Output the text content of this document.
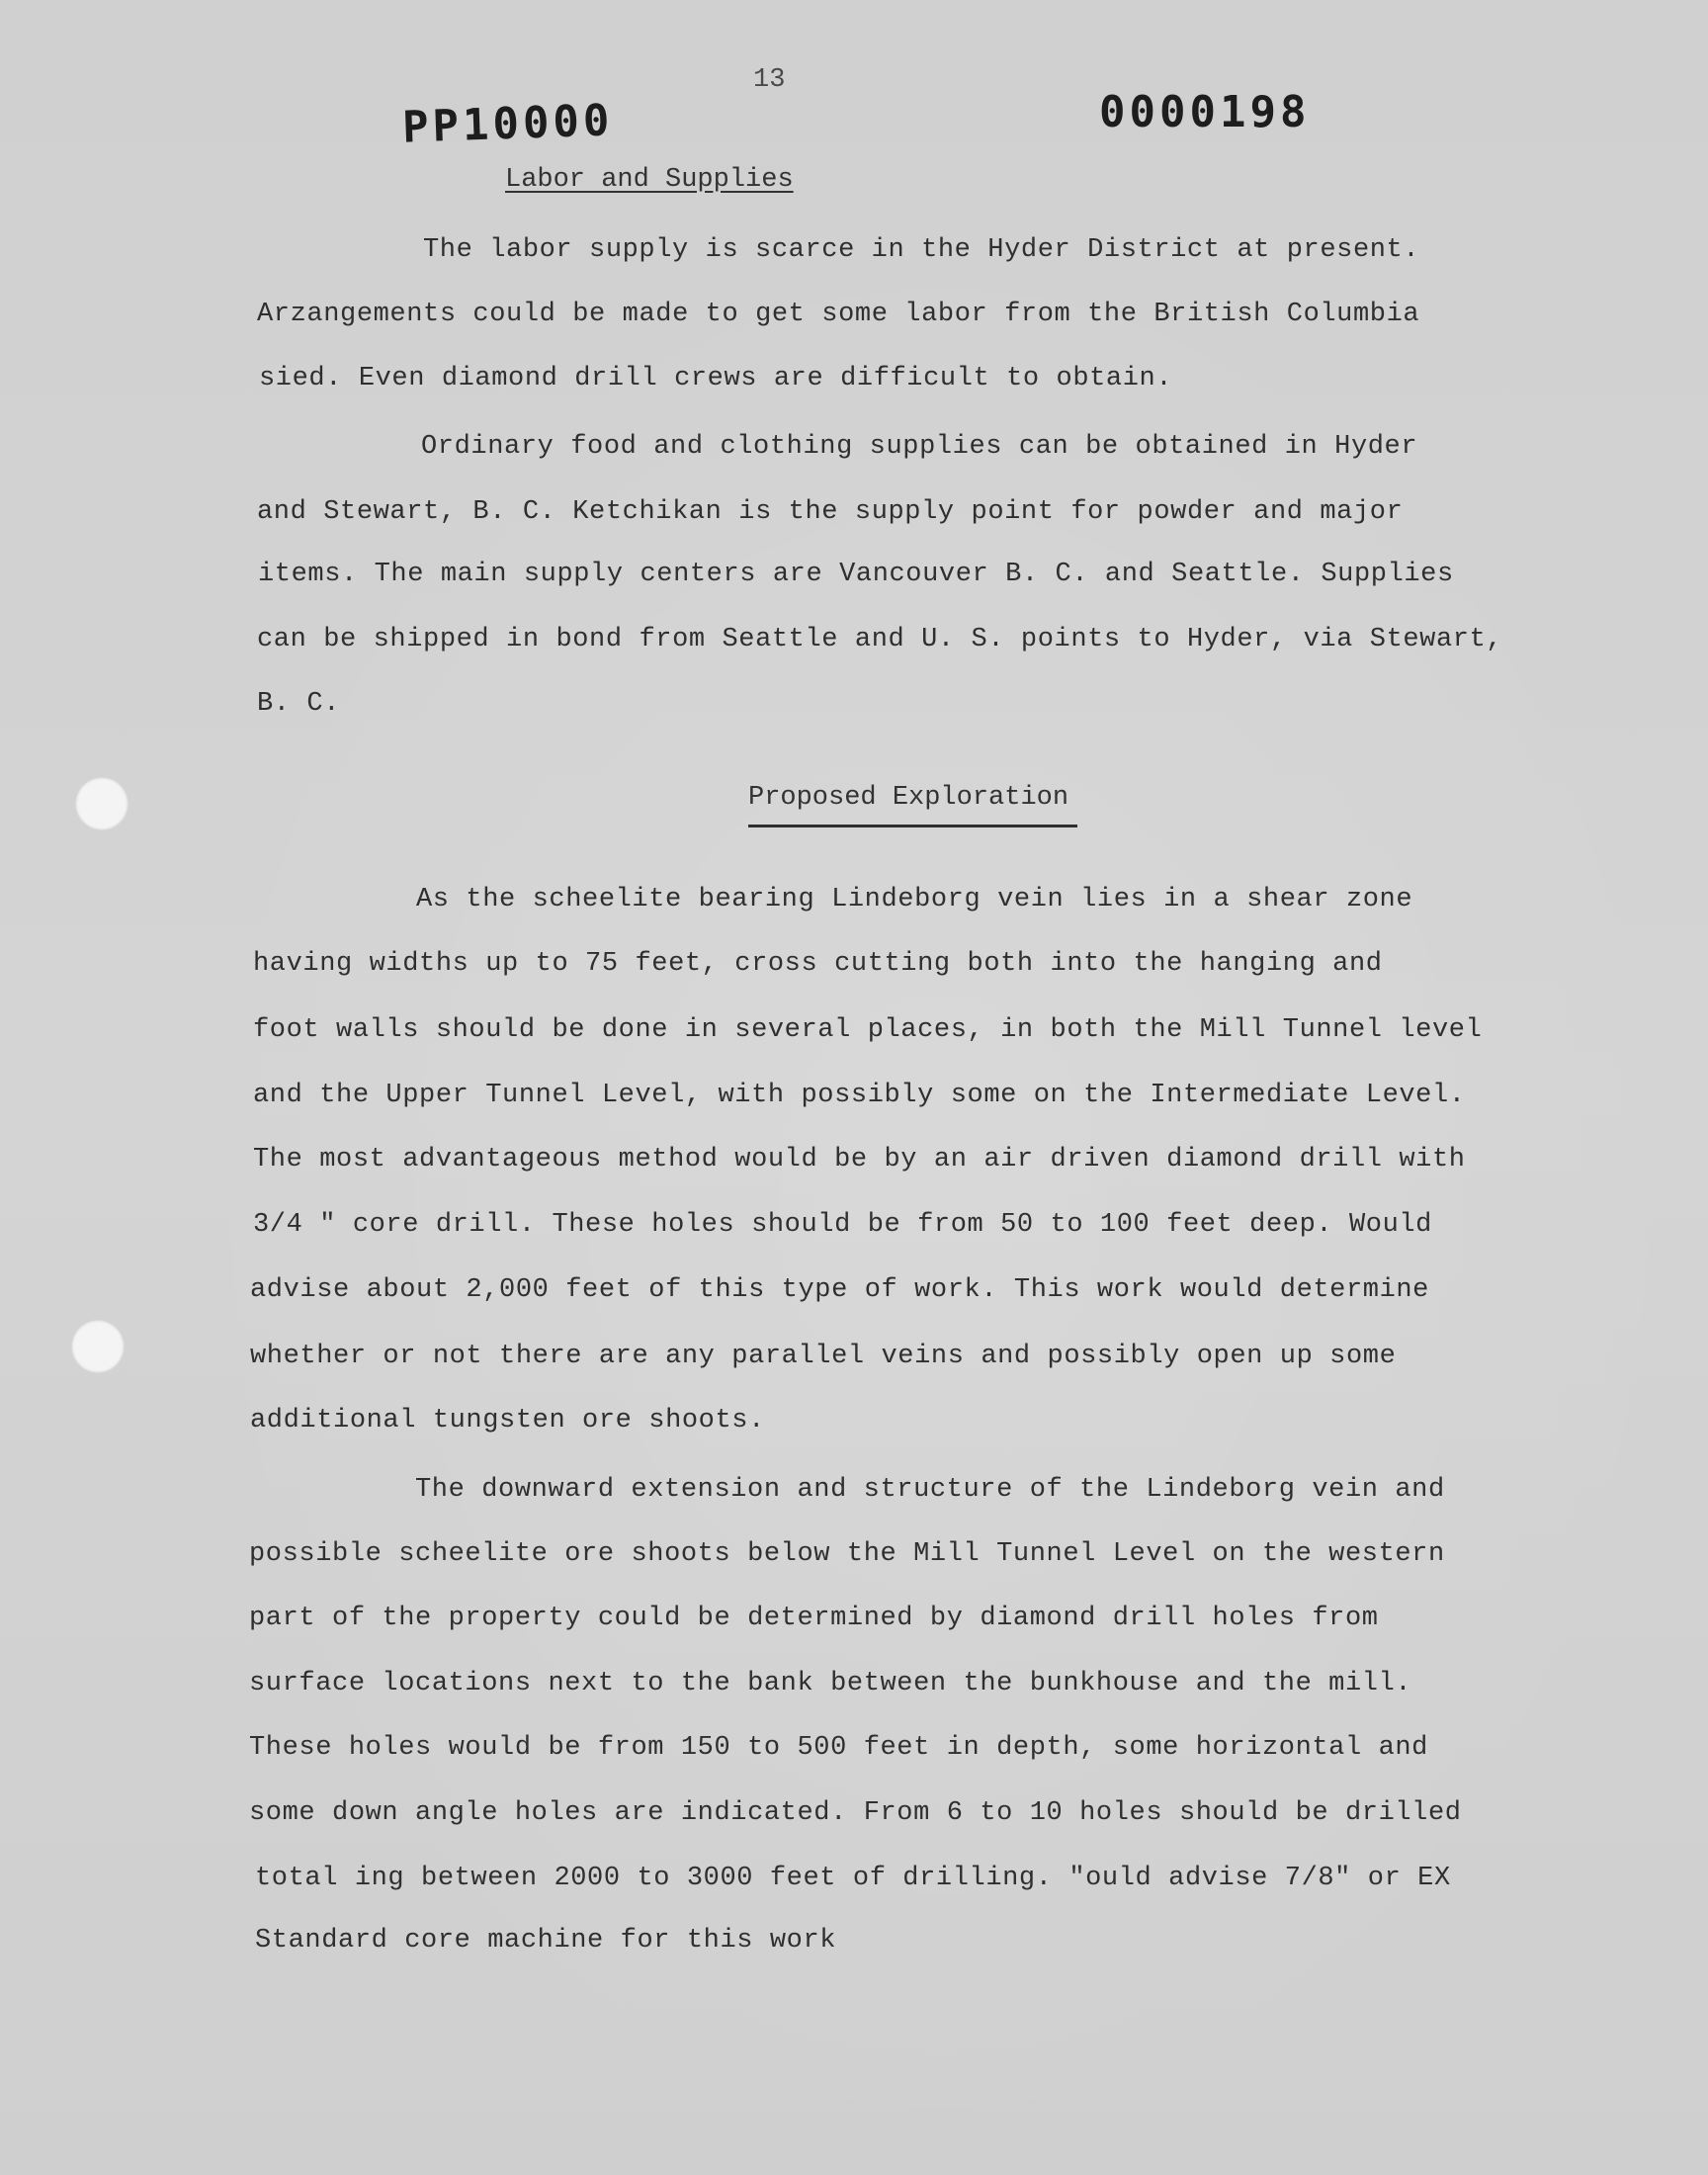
13
PP10000	0000198
Labor and Supplies
The labor supply is scarce in the Hyder District at present.
Arzangements could be made to get some labor from the British Columbia
sied. Even diamond drill crews are difficult to obtain.
Ordinary food and clothing supplies can be obtained in Hyder
and Stewart, B. C. Ketchikan is the supply point for powder and major
items. The main supply centers are Vancouver B. C. and Seattle. Supplies
can be shipped in bond from Seattle and U. S. points to Hyder, via Stewart,
B. C.
Proposed Exploration
As the scheelite bearing Lindeborg vein lies in a shear zone
having widths up to 75 feet, cross cutting both into the hanging and
foot walls should be done in several places, in both the Mill Tunnel level
and the Upper Tunnel Level, with possibly some on the Intermediate Level.
The most advantageous method would be by an air driven diamond drill with
3/4 " core drill. These holes should be from 50 to 100 feet deep. Would
advise about 2,000 feet of this type of work. This work would determine
whether or not there are any parallel veins and possibly open up some
additional tungsten ore shoots.
The downward extension and structure of the Lindeborg vein and
possible scheelite ore shoots below the Mill Tunnel Level on the western
part of the property could be determined by diamond drill holes from
surface locations next to the bank between the bunkhouse and the mill.
These holes would be from 150 to 500 feet in depth, some horizontal and
some down angle holes are indicated. From 6 to 10 holes should be drilled
total ing between 2000 to 3000 feet of drilling. "ould advise 7/8" or EX
Standard core machine for this work
